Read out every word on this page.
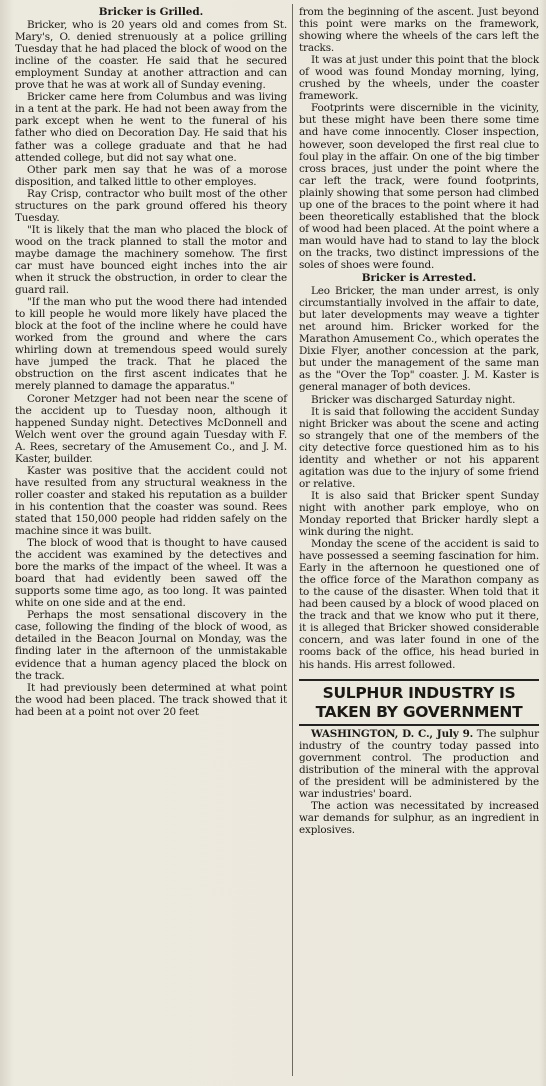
Bricker is Grilled.

Bricker, who is 20 years old and comes from St. Mary's, O. denied strenuously at a police grilling Tuesday that he had placed the block of wood on the incline of the coaster. He said that he secured employment Sunday at another attraction and can prove that he was at work all of Sunday evening.

Bricker came here from Columbus and was living in a tent at the park. He had not been away from the park except when he went to the funeral of his father who died on Decoration Day. He said that his father was a college graduate and that he had attended college, but did not say what one.

Other park men say that he was of a morose disposition, and talked little to other employes.

Ray Crisp, contractor who built most of the other structures on the park ground offered his theory Tuesday.

"It is likely that the man who placed the block of wood on the track planned to stall the motor and maybe damage the machinery somehow. The first car must have bounced eight inches into the air when it struck the obstruction, in order to clear the guard rail.

"If the man who put the wood there had intended to kill people he would more likely have placed the block at the foot of the incline where he could have worked from the ground and where the cars whirling down at tremendous speed would surely have jumped the track. That he placed the obstruction on the first ascent indicates that he merely planned to damage the apparatus."

Coroner Metzger had not been near the scene of the accident up to Tuesday noon, although it happened Sunday night. Detectives McDonnell and Welch went over the ground again Tuesday with F. A. Rees, secretary of the Amusement Co., and J. M. Kaster, builder.

Kaster was positive that the accident could not have resulted from any structural weakness in the roller coaster and staked his reputation as a builder in his contention that the coaster was sound. Rees stated that 150,000 people had ridden safely on the machine since it was built.

The block of wood that is thought to have caused the accident was examined by the detectives and bore the marks of the impact of the wheel. It was a board that had evidently been sawed off the supports some time ago, as too long. It was painted white on one side and at the end.

Perhaps the most sensational discovery in the case, following the finding of the block of wood, as detailed in the Beacon Journal on Monday, was the finding later in the afternoon of the unmistakable evidence that a human agency placed the block on the track.

It had previously been determined at what point the wood had been placed. The track showed that it had been at a point not over 20 feet

from the beginning of the ascent. Just beyond this point were marks on the framework, showing where the wheels of the cars left the tracks.

It was at just under this point that the block of wood was found Monday morning, lying, crushed by the wheels, under the coaster framework.

Footprints were discernible in the vicinity, but these might have been there some time and have come innocently. Closer inspection, however, soon developed the first real clue to foul play in the affair. On one of the big timber cross braces, just under the point where the car left the track, were found footprints, plainly showing that some person had climbed up one of the braces to the point where it had been theoretically established that the block of wood had been placed. At the point where a man would have had to stand to lay the block on the tracks, two distinct impressions of the soles of shoes were found.

Bricker is Arrested.

Leo Bricker, the man under arrest, is only circumstantially involved in the affair to date, but later developments may weave a tighter net around him. Bricker worked for the Marathon Amusement Co., which operates the Dixie Flyer, another concession at the park, but under the management of the same man as the "Over the Top" coaster. J. M. Kaster is general manager of both devices.

Bricker was discharged Saturday night.

It is said that following the accident Sunday night Bricker was about the scene and acting so strangely that one of the members of the city detective force questioned him as to his identity and whether or not his apparent agitation was due to the injury of some friend or relative.

It is also said that Bricker spent Sunday night with another park employe, who on Monday reported that Bricker hardly slept a wink during the night.

Monday the scene of the accident is said to have possessed a seeming fascination for him. Early in the afternoon he questioned one of the office force of the Marathon company as to the cause of the disaster. When told that it had been caused by a block of wood placed on the track and that we know who put it there, it is alleged that Bricker showed considerable concern, and was later found in one of the rooms back of the office, his head buried in his hands. His arrest followed.

SULPHUR INDUSTRY IS TAKEN BY GOVERNMENT

WASHINGTON, D. C., July 9. The sulphur industry of the country today passed into government control. The production and distribution of the mineral with the approval of the president will be administered by the war industries' board.

The action was necessitated by increased war demands for sulphur, as an ingredient in explosives.
